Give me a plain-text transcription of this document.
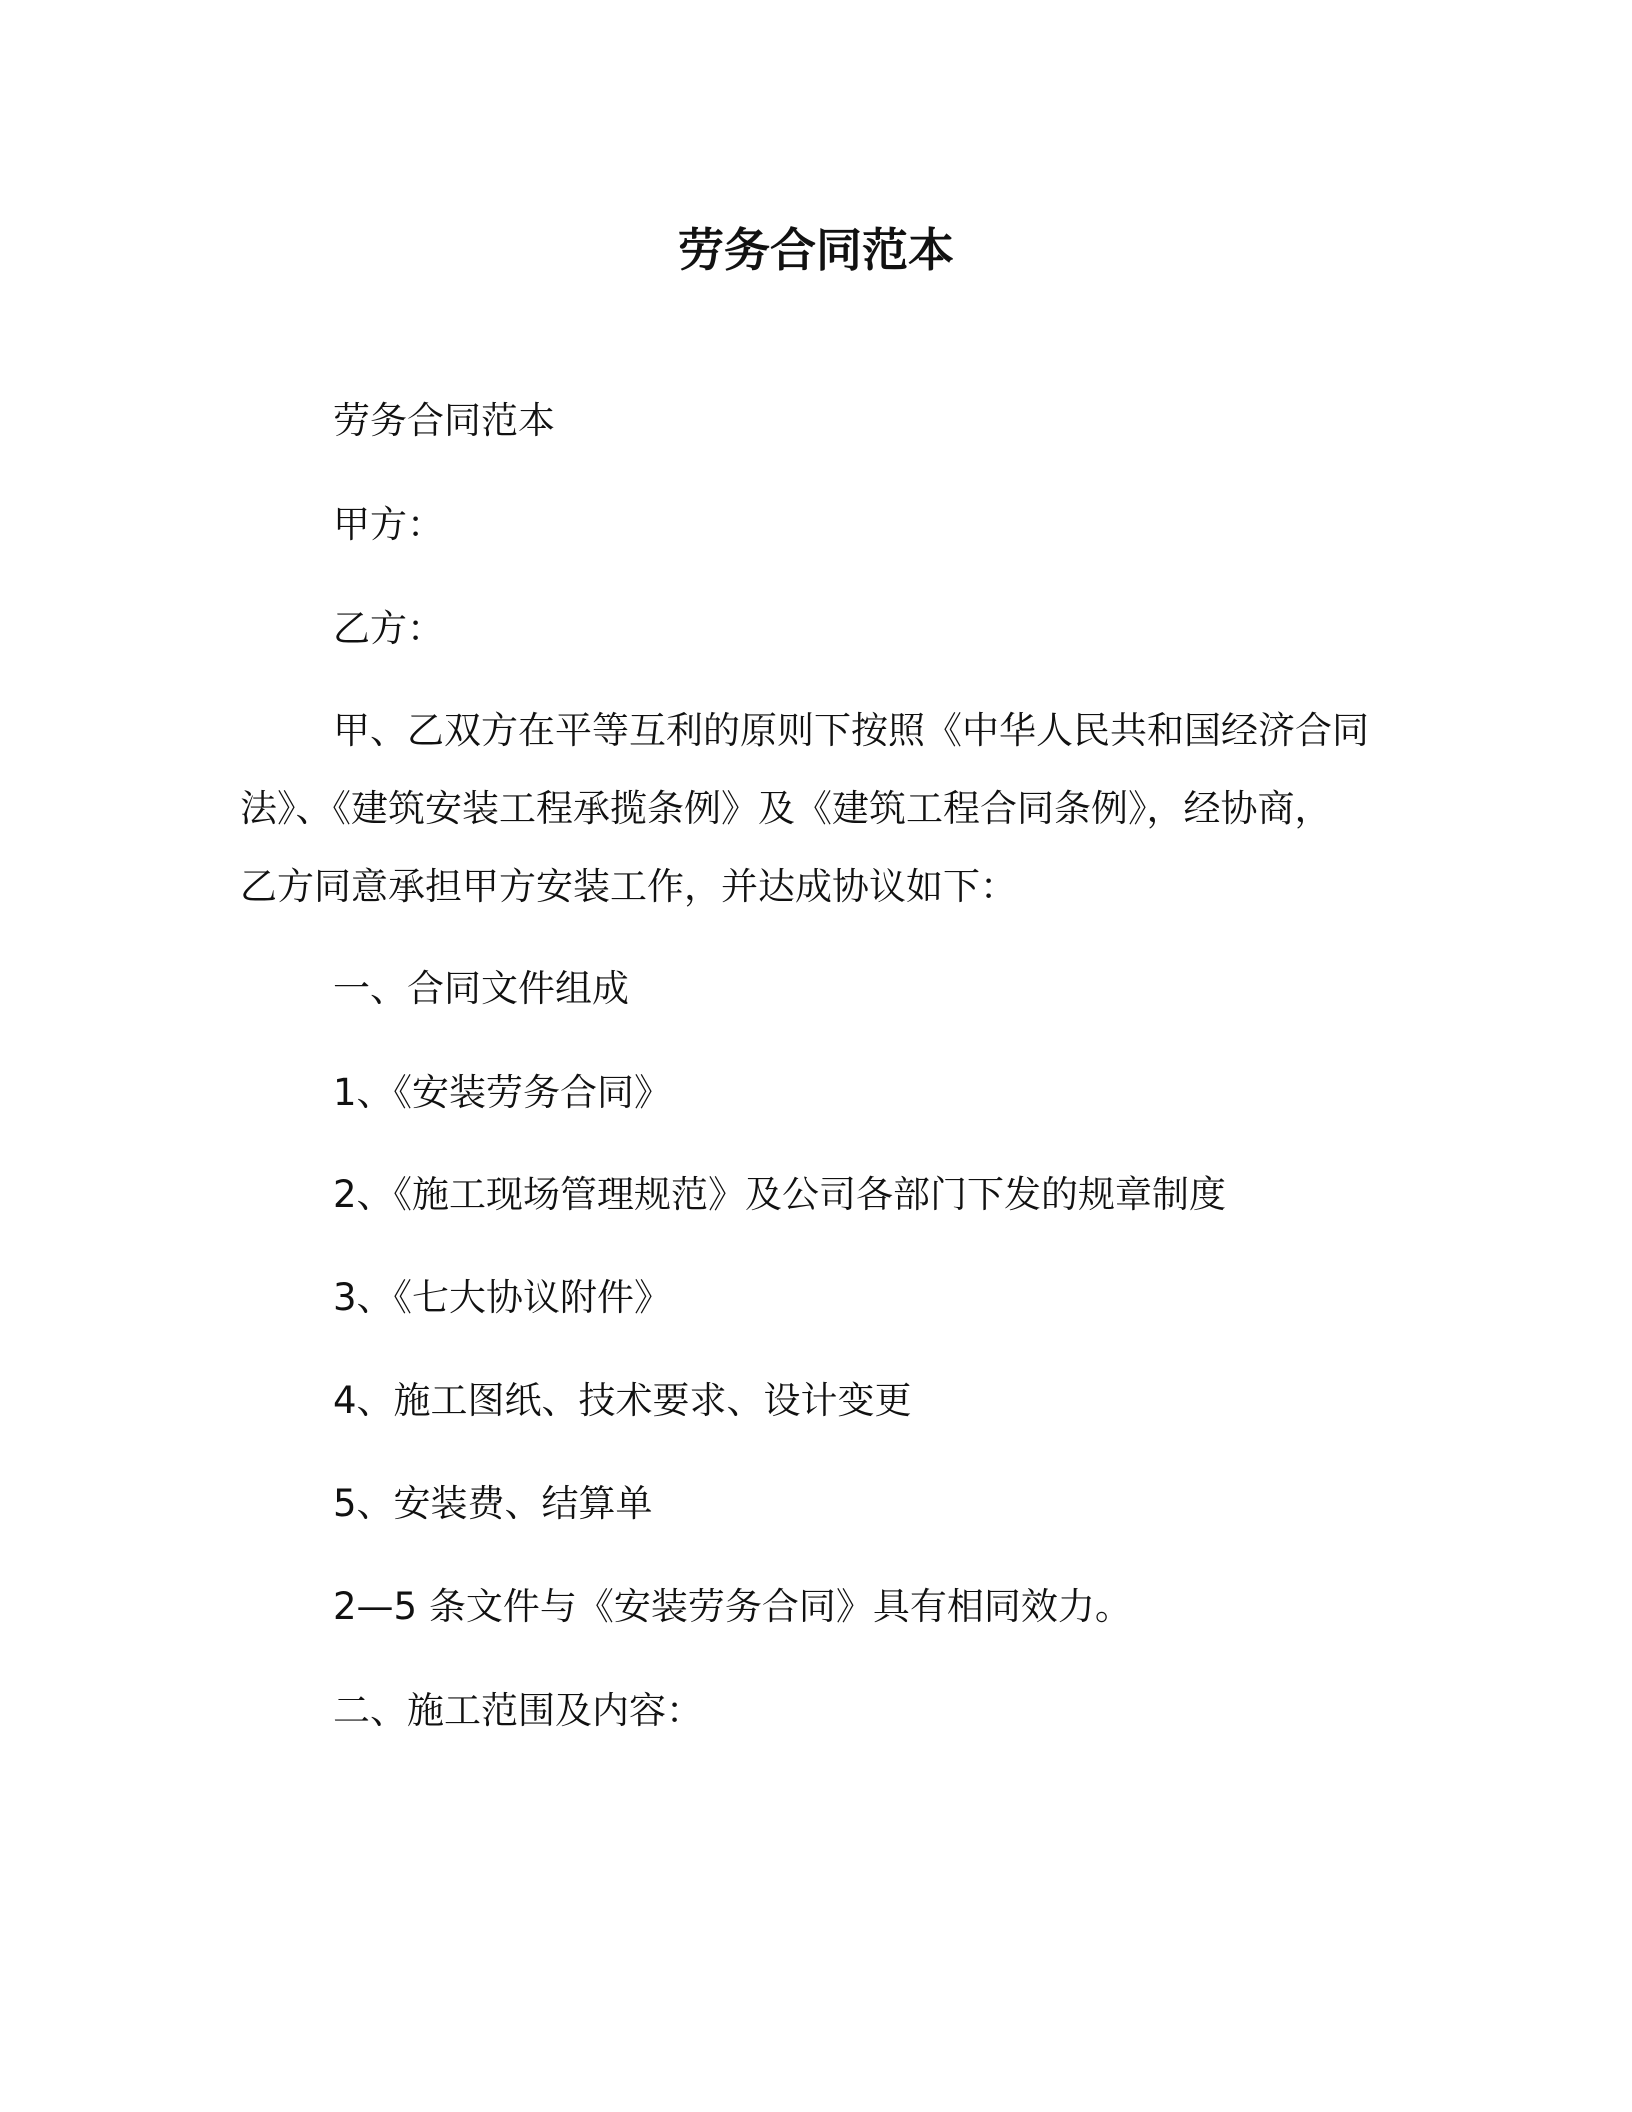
劳务合同范本

劳务合同范本

甲方：

乙方：

甲、乙双方在平等互利的原则下按照《中华人民共和国经济合同
法》、《建筑安装工程承揽条例》及《建筑工程合同条例》，经协商，
乙方同意承担甲方安装工作，并达成协议如下：

一、合同文件组成

1、《安装劳务合同》

2、《施工现场管理规范》及公司各部门下发的规章制度

3、《七大协议附件》

4、施工图纸、技术要求、设计变更

5、安装费、结算单

2—5 条文件与《安装劳务合同》具有相同效力。

二、施工范围及内容：
